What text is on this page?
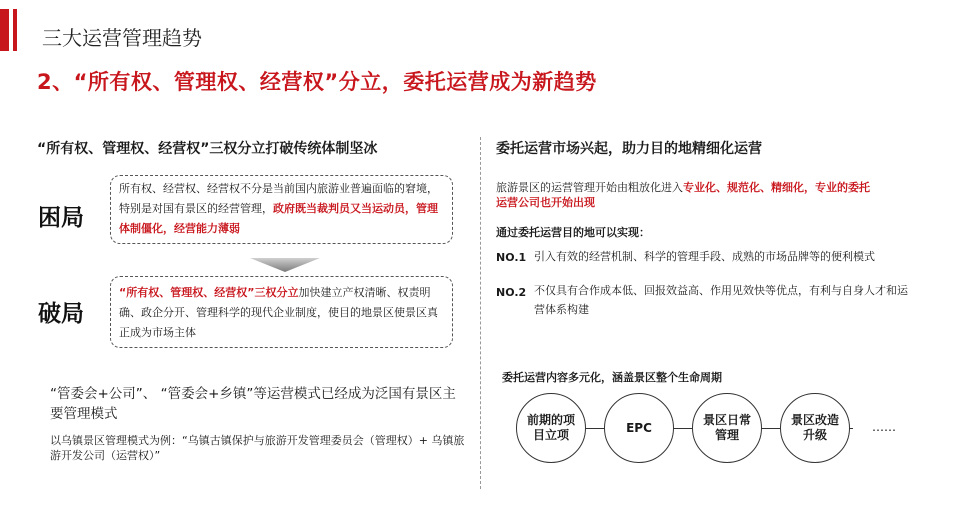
三大运营管理趋势
2、“所有权、管理权、经营权”分立，委托运营成为新趋势
“所有权、管理权、经营权”三权分立打破传统体制坚冰
困局
所有权、经营权、经营权不分是当前国内旅游业普遍面临的窘境，特别是对国有景区的经营管理，政府既当裁判员又当运动员，管理体制僵化，经营能力薄弱
破局
“所有权、管理权、经营权”三权分立加快建立产权清晰、权责明确、政企分开、管理科学的现代企业制度，使目的地景区使景区真正成为市场主体
“管委会+公司”、 “管委会+乡镇”等运营模式已经成为泛国有景区主要管理模式
以乌镇景区管理模式为例：“乌镇古镇保护与旅游开发管理委员会（管理权）+ 乌镇旅游开发公司（运营权）”
委托运营市场兴起，助力目的地精细化运营
旅游景区的运营管理开始由粗放化进入专业化、规范化、精细化，专业的委托运营公司也开始出现
通过委托运营目的地可以实现：
NO.1 引入有效的经营机制、科学的管理手段、成熟的市场品牌等的便利模式
NO.2 不仅具有合作成本低、回报效益高、作用见效快等优点，有利与自身人才和运营体系构建
委托运营内容多元化，涵盖景区整个生命周期
前期的项目立项
EPC
景区日常管理
景区改造升级
……
